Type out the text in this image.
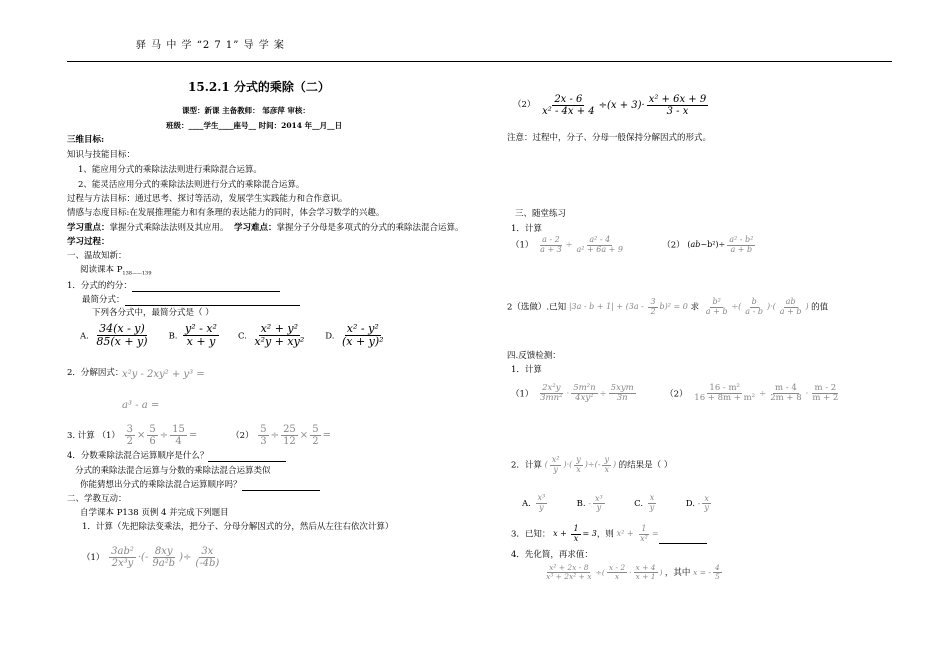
驿 马 中 学 “2 7 1” 导 学 案
15.2.1 分式的乘除（二）
课型：新课 主备教师： 邹彦萍 审核：
班级：____学生____座号__ 时间：2014 年__月__日
三维目标:
知识与技能目标：
1、能应用分式的乘除法法则进行乘除混合运算。
2、能灵活应用分式的乘除法法则进行分式的乘除混合运算。
过程与方法目标：通过思考、探讨等活动，发展学生实践能力和合作意识。
情感与态度目标:在发展推理能力和有条理的表达能力的同时，体会学习数学的兴趣。
学习重点：掌握分式乘除法法则及其应用。 学习难点：掌握分子分母是多项式的分式的乘除法混合运算。
学习过程：
一、温故知新：
阅读课本 $P_{138——139}$
1．分式的约分：
最简分式：
下列各分式中，最简分式是（ ）
A. $\frac{34(x - y)}{85(x + y)} B$. $\frac{\text{y² - x²}}{x + y} C$. $\frac{\text{x² + y²}}{\text{x²y + xy²}} D$. $\frac{\text{x² - y²}}{\text{(x + y)²}}$
2．分解因式：
x²y - 2xy² + y³ =
a³ - a =
3. 计算 $(1) \frac{3}{2} \times \frac{5}{6} \div \frac{15}{4}$ =	$(2) \frac{5}{3} \div \frac{25}{12} \times \frac{5}{2}$ =
4．分数乘除法混合运算顺序是什么？
分式的乘除法混合运算与分数的乘除法混合运算类似
你能猜想出分式的乘除法混合运算顺序吗？
二、学教互动：
自学课本 P138 页例 4 并完成下列题目
1．计算（先把除法变乘法，把分子、分母分解因式的分，然后从左往右依次计算）
$(1) \frac{\text{3ab²}}{\text{2x³y}}$ ·(- $\frac{8xy}{\text{9a²b}}$ )÷ $\frac{3x}{(-4b)}$
$(2) \frac{2x - 6}{\text{x² - 4x + 4}} \div(x + 3)\cdot \frac{\text{x² + 6x + 9}}{3 - x}$
注意：过程中，分子、分母一般保持分解因式的形式。
三、随堂练习
1．计算
$(1) \frac{a - 2}{a + 3} \div \frac{\text{a² - 4}}{\text{a² + 6a + 9}}$	（2） $(ab-b^2)\div \frac{\text{a² - b²}}{a + b}$
2（选做）.已知 $|3a - b + 1| + (3a - \frac{3}{2} b)^2 = 0$ 求 $\frac{\text{b²}}{a + b}$ ÷( $\frac{b}{a - b}$ )·( $\frac{ab}{a + b}$ ) 的值
四.反馈检测：
1．计算
$(1) \frac{\text{2x²y}}{\text{3mn²}} \cdot \frac{\text{5m²n}}{\text{4xy²}} \div \frac{\text{5xym}}{3n}$	$(2) \frac{\text{16 - m²}}{\text{16 + 8m + m²}} \div \frac{m - 4}{2m + 8} \cdot \frac{m - 2}{m + 2}$
2．计算 ( $\frac{\text{x²}}{y}$ )·( $\frac{y}{x}$ )÷(- $\frac{y}{x}$ ) 的结果是（ ）
A. $\frac{\text{x³}}{y}$	B. - $\frac{\text{x³}}{y}$	C. $\frac{x}{y}$	D. - $\frac{x}{y}$
3．已知： $x + \frac{1}{x} = 3$，则 $x^2 + \frac{1}{\text{x²}}$ =
4．先化简，再求值：
$\frac{\text{x² + 2x - 8}}{\text{x³ + 2x² + x}}$ ÷( $\frac{x - 2}{x} \cdot \frac{x + 4}{x + 1}$ ) ，其中 x = - $\frac{4}{5}$
